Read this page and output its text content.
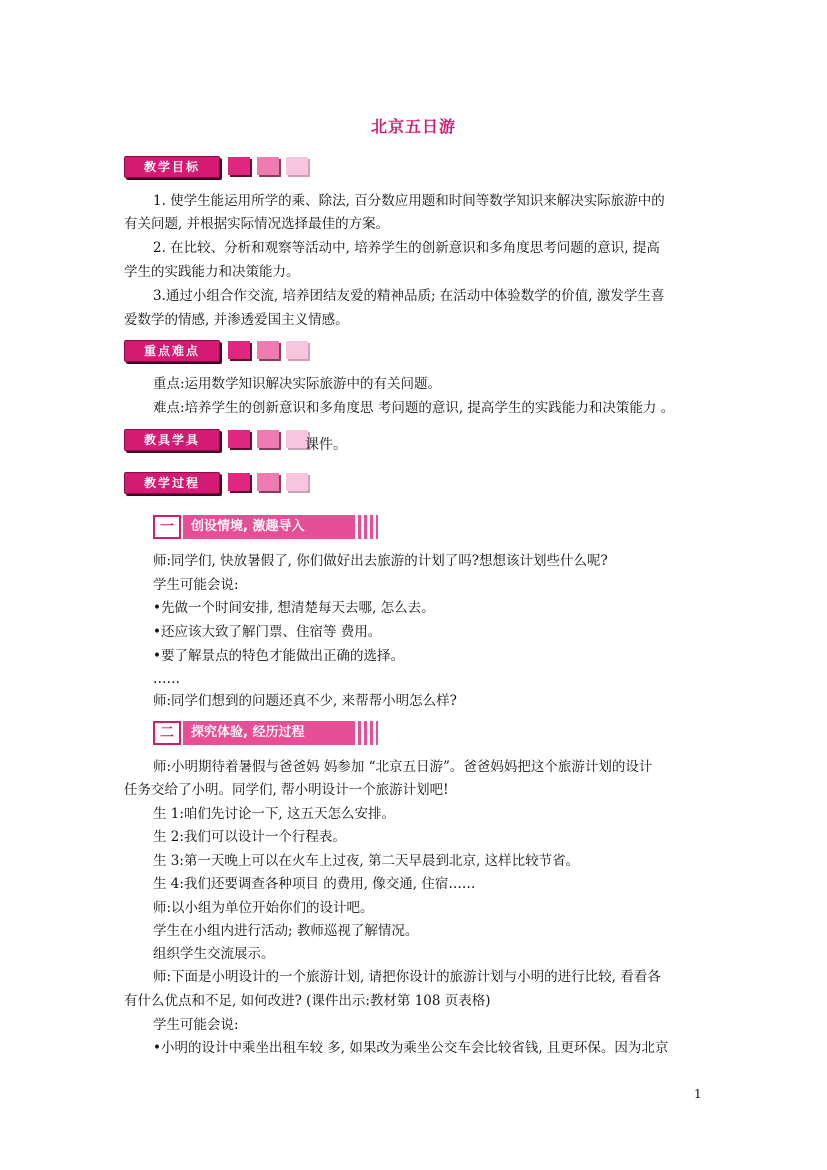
北京五日游
教学目标
1. 使学生能运用所学的乘、除法, 百分数应用题和时间等数学知识来解决实际旅游中的
有关问题, 并根据实际情况选择最佳的方案。
2. 在比较、分析和观察等活动中, 培养学生的创新意识和多角度思考问题的意识, 提高
学生的实践能力和决策能力。
3.通过小组合作交流, 培养团结友爱的精神品质; 在活动中体验数学的价值, 激发学生喜
爱数学的情感, 并渗透爱国主义情感。
重点难点
重点:运用数学知识解决实际旅游中的有关问题。
难点:培养学生的创新意识和多角度思 考问题的意识, 提高学生的实践能力和决策能力 。
教具学具	课件。
教学过程
一	创设情境, 激趣导入
师:同学们, 快放暑假了, 你们做好出去旅游的计划了吗?想想该计划些什么呢?
学生可能会说:
•先做一个时间安排, 想清楚每天去哪, 怎么去。
•还应该大致了解门票、住宿等 费用。
•要了解景点的特色才能做出正确的选择。
……
师:同学们想到的问题还真不少, 来帮帮小明怎么样?
二	探究体验, 经历过程
师:小明期待着暑假与爸爸妈 妈参加 “北京五日游”。爸爸妈妈把这个旅游计划的设计
任务交给了小明。同学们, 帮小明设计一个旅游计划吧!
生 1:咱们先讨论一下, 这五天怎么安排。
生 2:我们可以设计一个行程表。
生 3:第一天晚上可以在火车上过夜, 第二天早晨到北京, 这样比较节省。
生 4:我们还要调查各种项目 的费用, 像交通, 住宿……
师:以小组为单位开始你们的设计吧。
学生在小组内进行活动; 教师巡视了解情况。
组织学生交流展示。
师:下面是小明设计的一个旅游计划, 请把你设计的旅游计划与小明的进行比较, 看看各
有什么优点和不足, 如何改进? (课件出示:教材第 108 页表格)
学生可能会说:
•小明的设计中乘坐出租车较 多, 如果改为乘坐公交车会比较省钱, 且更环保。因为北京
1
